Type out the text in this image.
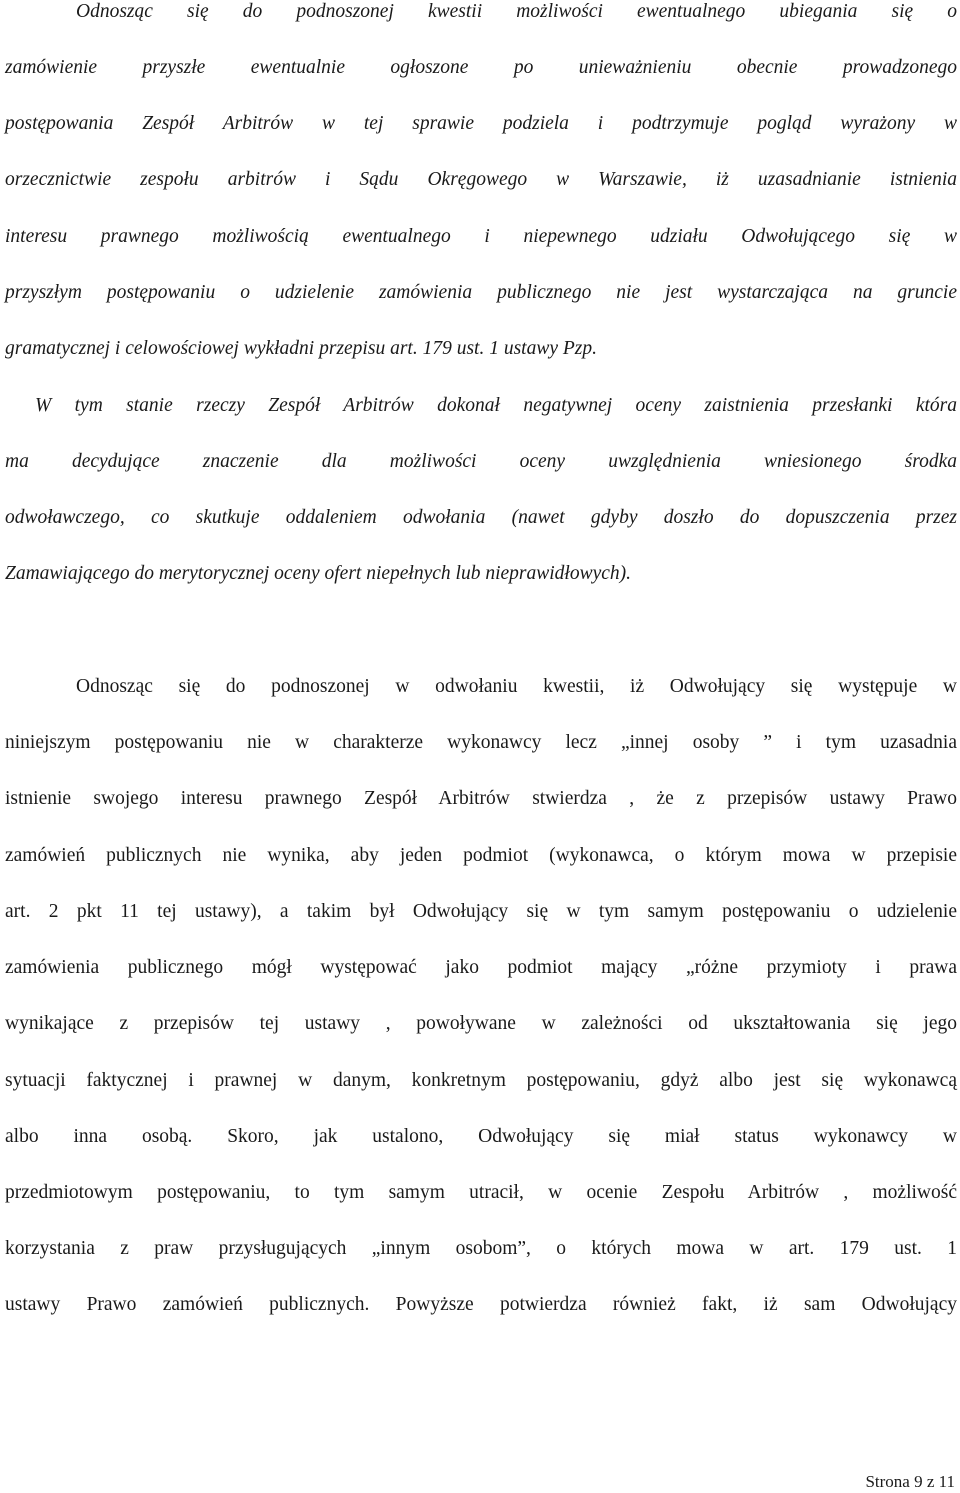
Odnosząc się do podnoszonej kwestii możliwości ewentualnego ubiegania się o
zamówienie przyszłe ewentualnie ogłoszone po unieważnieniu obecnie prowadzonego
postępowania Zespół Arbitrów w tej sprawie podziela i podtrzymuje pogląd wyrażony w
orzecznictwie zespołu arbitrów i Sądu Okręgowego w Warszawie, iż uzasadnianie istnienia
interesu prawnego możliwością ewentualnego i niepewnego udziału Odwołującego się w
przyszłym postępowaniu o udzielenie zamówienia publicznego nie jest wystarczająca na gruncie
gramatycznej i celowościowej wykładni przepisu art. 179 ust. 1 ustawy Pzp.
W tym stanie rzeczy Zespół Arbitrów dokonał negatywnej oceny zaistnienia przesłanki która
ma decydujące znaczenie dla możliwości oceny uwzględnienia wniesionego środka
odwoławczego, co skutkuje oddaleniem odwołania (nawet gdyby doszło do dopuszczenia przez
Zamawiającego do merytorycznej oceny ofert niepełnych lub nieprawidłowych).
Odnosząc się do podnoszonej w odwołaniu kwestii, iż Odwołujący się występuje w
niniejszym postępowaniu nie w charakterze wykonawcy lecz „innej osoby ” i tym uzasadnia
istnienie swojego interesu prawnego Zespół Arbitrów stwierdza , że z przepisów ustawy Prawo
zamówień publicznych nie wynika, aby jeden podmiot (wykonawca, o którym mowa w przepisie
art. 2 pkt 11 tej ustawy), a takim był Odwołujący się w tym samym postępowaniu o udzielenie
zamówienia publicznego mógł występować jako podmiot mający „różne przymioty i prawa
wynikające z przepisów tej ustawy , powoływane w zależności od ukształtowania się jego
sytuacji faktycznej i prawnej w danym, konkretnym postępowaniu, gdyż albo jest się wykonawcą
albo inna osobą. Skoro, jak ustalono, Odwołujący się miał status wykonawcy w
przedmiotowym postępowaniu, to tym samym utracił, w ocenie Zespołu Arbitrów , możliwość
korzystania z praw przysługujących „innym osobom”, o których mowa w art. 179 ust. 1
ustawy Prawo zamówień publicznych. Powyższe potwierdza również fakt, iż sam Odwołujący
Strona 9 z 11
